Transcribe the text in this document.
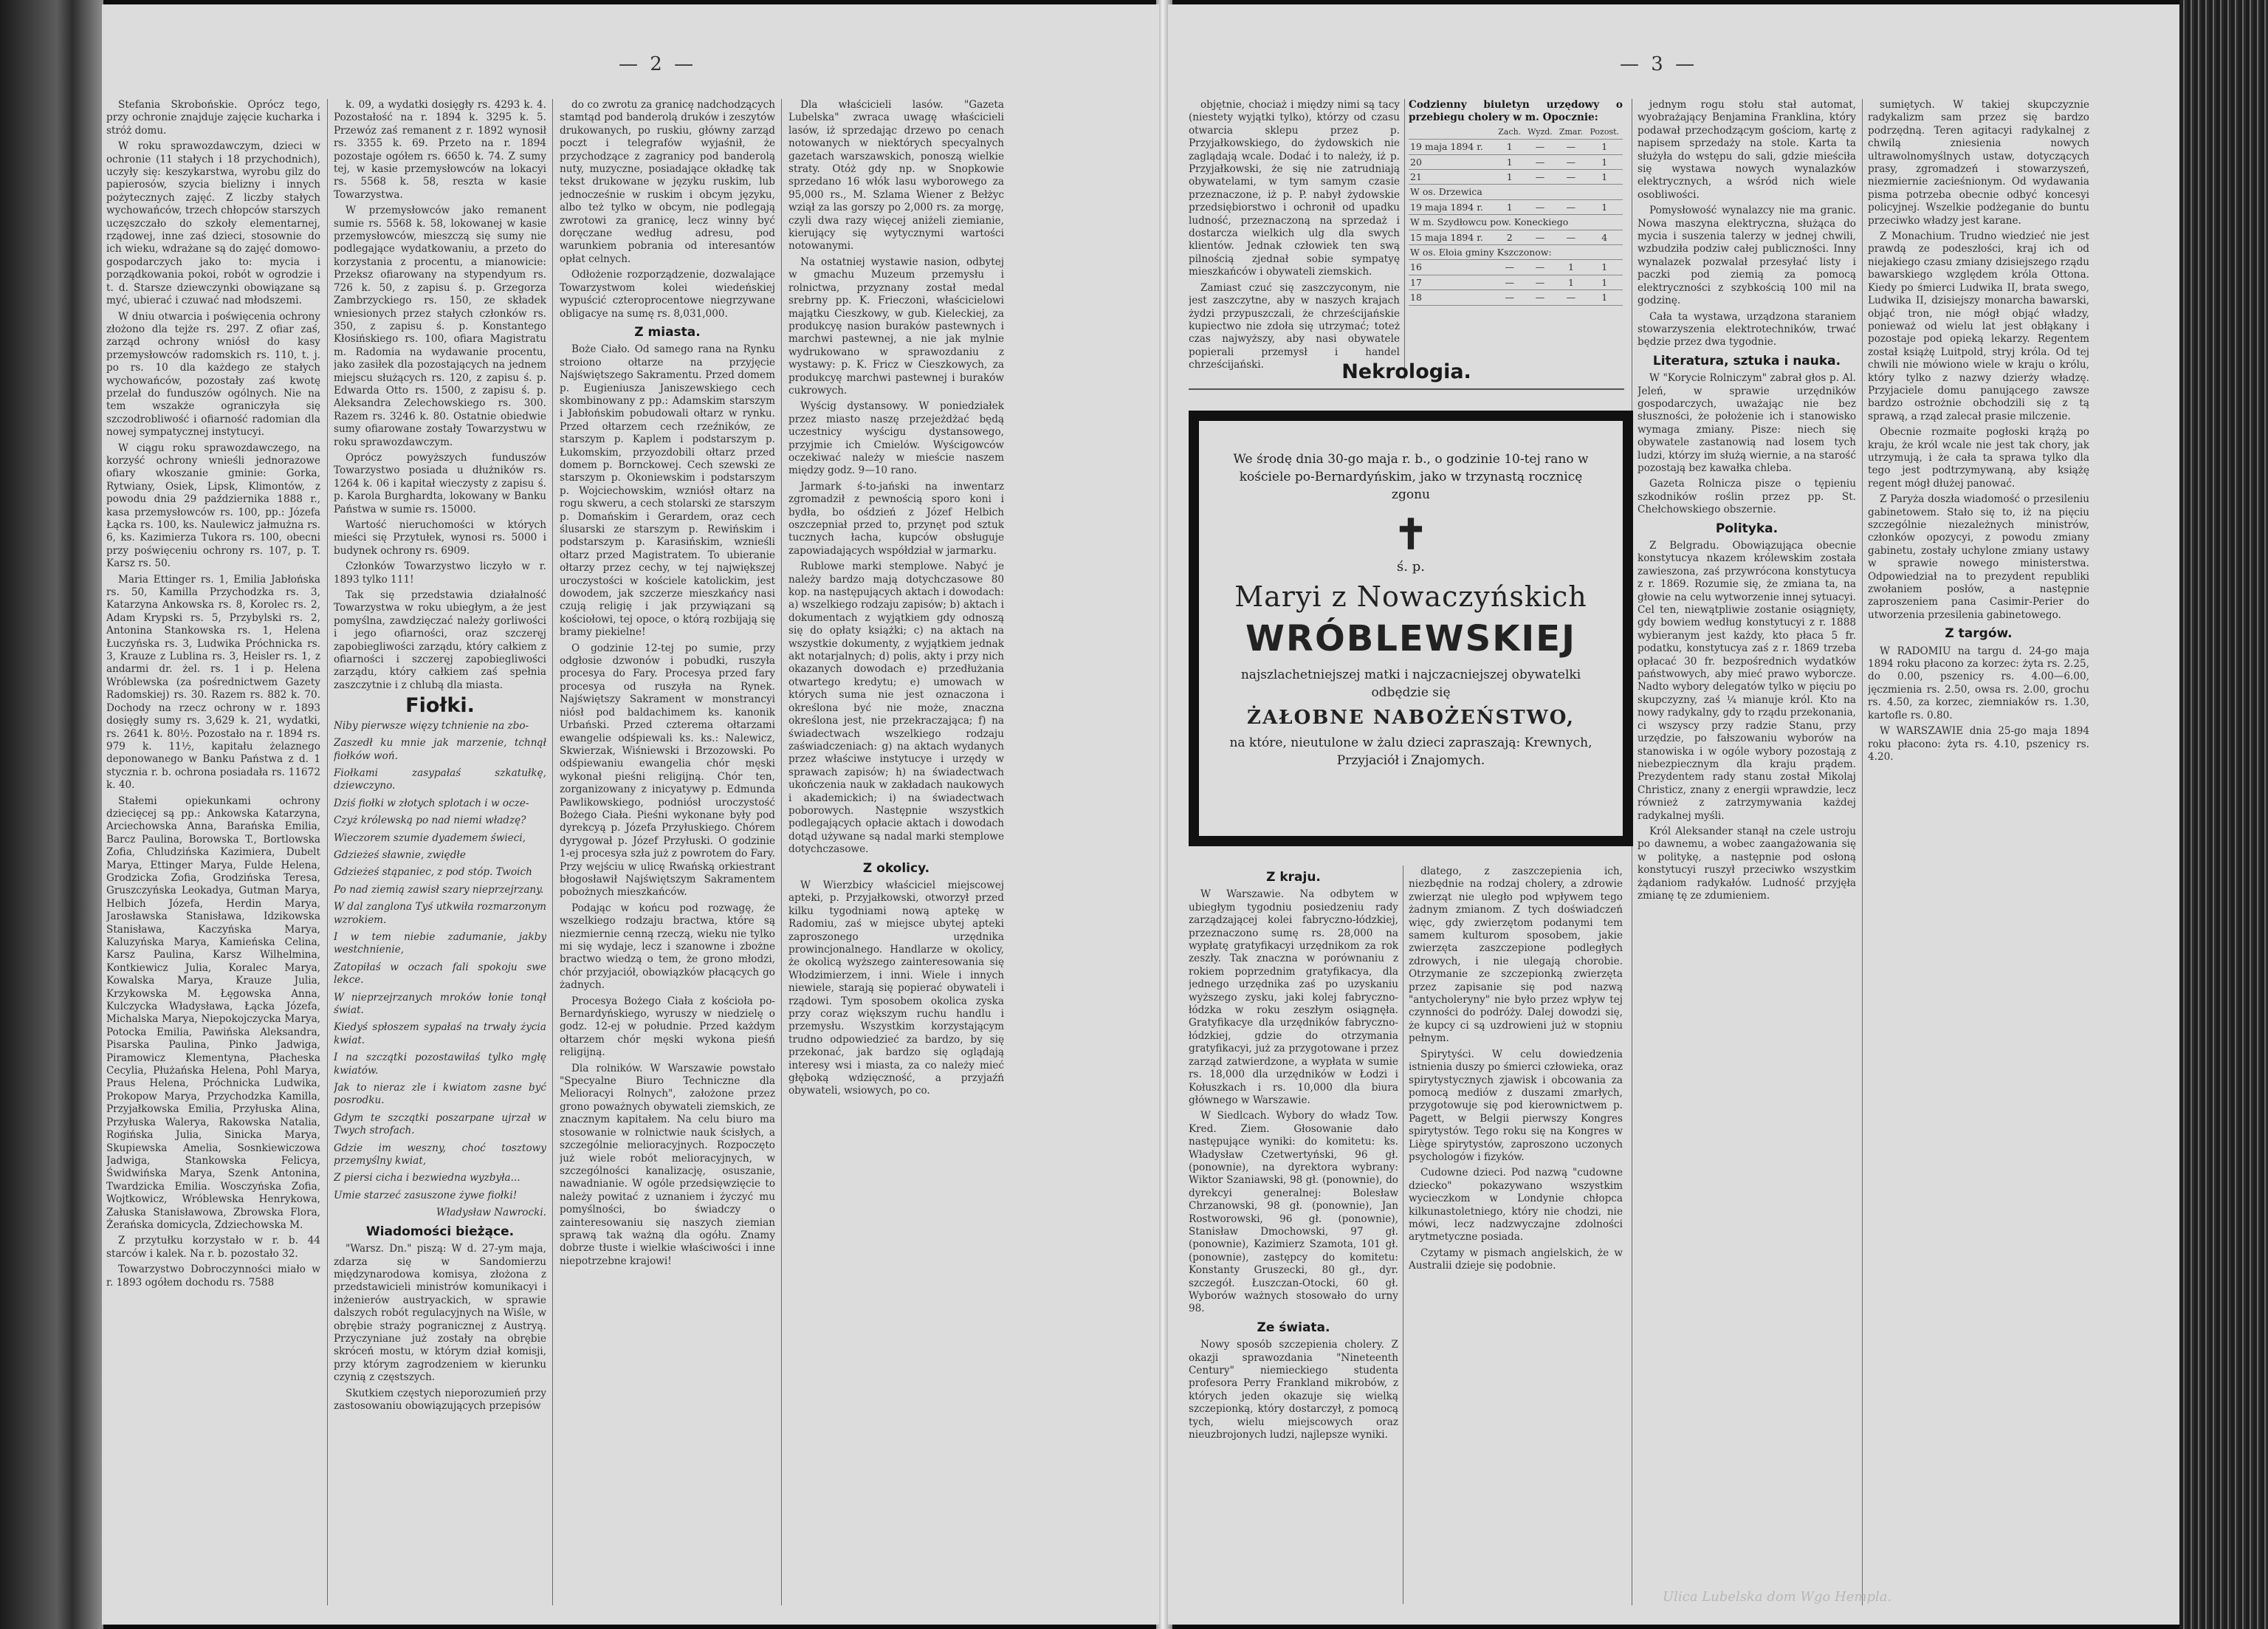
— 2 —

Stefania Skrobońskie. Oprócz tego, przy ochronie znajduje zajęcie kucharka i stróż domu.

W roku sprawozdawczym, dzieci w ochronie (11 stałych i 18 przychodnich), uczyły się: keszykarstwa, wyrobu gilz do papierosów, szycia bielizny i innych pożytecznych zajęć. Z liczby stałych wychowańców, trzech chłopców starszych uczęszczało do szkoły elementarnej, rządowej, inne zaś dzieci, stosownie do ich wieku, wdrażane są do zajęć domowo-gospodarczych jako to: mycia i porządkowania pokoi, robót w ogrodzie i t. d. Starsze dziewczynki obowiązane są myć, ubierać i czuwać nad młodszemi.

W dniu otwarcia i poświęcenia ochrony złożono dla tejże rs. 297. Z ofiar zaś, zarząd ochrony wniósł do kasy przemysłowców radomskich rs. 110, t. j. po rs. 10 dla każdego ze stałych wychowańców, pozostały zaś kwotę przelał do funduszów ogólnych. Nie na tem wszakże ograniczyła się szczodrobliwość i ofiarność radomian dla nowej sympatycznej instytucyi.

W ciągu roku sprawozdawczego, na korzyść ochrony wnieśli jednorazowe ofiary wkoszanie gminie: Gorka, Rytwiany, Osiek, Lipsk, Klimontów, z powodu dnia 29 października 1888 r., kasa przemysłowców rs. 100, pp.: Józefa Łącka rs. 100, ks. Naulewicz jałmużna rs. 6, ks. Kazimierza Tukora rs. 100, obecni przy poświęceniu ochrony rs. 107, p. T. Karsz rs. 50.

Maria Ettinger rs. 1, Emilia Jabłońska rs. 50, Kamilla Przychodzka rs. 3, Katarzyna Ankowska rs. 8, Korolec rs. 2, Adam Krypski rs. 5, Przybylski rs. 2, Antonina Stankowska rs. 1, Helena Łuczyńska rs. 3, Ludwika Próchnicka rs. 3, Krauze z Lublina rs. 3, Heisler rs. 1, z andarmi dr. żel. rs. 1 i p. Helena Wróblewska (za pośrednictwem Gazety Radomskiej) rs. 30. Razem rs. 882 k. 70. Dochody na rzecz ochrony w r. 1893 dosięgły sumy rs. 3,629 k. 21, wydatki, rs. 2641 k. 80½. Pozostało na r. 1894 rs. 979 k. 11½, kapitału żelaznego deponowanego w Banku Państwa z d. 1 stycznia r. b. ochrona posiadała rs. 11672 k. 40.

Stałemi opiekunkami ochrony dziecięcej są pp.: Ankowska Katarzyna, Arciechowska Anna, Barańska Emilia, Barcz Paulina, Borowska T., Bortlowska Zofia, Chludzińska Kazimiera, Dubelt Marya, Ettinger Marya, Fulde Helena, Grodzicka Zofia, Grodzińska Teresa, Gruszczyńska Leokadya, Gutman Marya, Helbich Józefa, Herdin Marya, Jarosławska Stanisława, Idzikowska Stanisława, Kaczyńska Marya, Kaluzyńska Marya, Kamieńska Celina, Karsz Paulina, Karsz Wilhelmina, Kontkiewicz Julia, Koralec Marya, Kowalska Marya, Krauze Julia, Krzykowska M. Łęgowska Anna, Kulczycka Władysława, Łącka Józefa, Michalska Marya, Niepokojczycka Marya, Potocka Emilia, Pawińska Aleksandra, Pisarska Paulina, Pinko Jadwiga, Piramowicz Klementyna, Płacheska Cecylia, Płużańska Helena, Pohl Marya, Praus Helena, Próchnicka Ludwika, Prokopow Marya, Przychodzka Kamilla, Przyjałkowska Emilia, Przyłuska Alina, Przyłuska Walerya, Rakowska Natalia, Rogińska Julia, Sinicka Marya, Skupiewska Amelia, Sosnkiewiczowa Jadwiga, Stankowska Felicya, Świdwińska Marya, Szenk Antonina, Twardzicka Emilia. Wosczyńska Zofia, Wojtkowicz, Wróblewska Henrykowa, Załuska Stanisławowa, Zbrowska Flora, Żerańska domicycla, Zdziechowska M.

Z przytułku korzystało w r. b. 44 starców i kalek. Na r. b. pozostało 32.

Towarzystwo Dobroczynności miało w r. 1893 ogółem dochodu rs. 7588

k. 09, a wydatki dosięgły rs. 4293 k. 4. Pozostałość na r. 1894 k. 3295 k. 5. Przewóz zaś remanent z r. 1892 wynosił rs. 3355 k. 69. Przeto na r. 1894 pozostaje ogółem rs. 6650 k. 74. Z sumy tej, w kasie przemysłowców na lokacyi rs. 5568 k. 58, reszta w kasie Towarzystwa.

W przemysłowców jako remanent sumie rs. 5568 k. 58, lokowanej w kasie przemysłowców, mieszczą się sumy nie podlegające wydatkowaniu, a przeto do korzystania z procentu, a mianowicie: Przeksz ofiarowany na stypendyum rs. 726 k. 50, z zapisu ś. p. Grzegorza Zambrzyckiego rs. 150, ze składek wniesionych przez stałych członków rs. 350, z zapisu ś. p. Konstantego Kłosińskiego rs. 100, ofiara Magistratu m. Radomia na wydawanie procentu, jako zasiłek dla pozostających na jednem miejscu służących rs. 120, z zapisu ś. p. Edwarda Otto rs. 1500, z zapisu ś. p. Aleksandra Zelechowskiego rs. 300. Razem rs. 3246 k. 80. Ostatnie obiedwie sumy ofiarowane zostały Towarzystwu w roku sprawozdawczym.

Oprócz powyższych funduszów Towarzystwo posiada u dłużników rs. 1264 k. 06 i kapitał wieczysty z zapisu ś. p. Karola Burghardta, lokowany w Banku Państwa w sumie rs. 15000.

Wartość nieruchomości w których mieści się Przytułek, wynosi rs. 5000 i budynek ochrony rs. 6909.

Członków Towarzystwo liczyło w r. 1893 tylko 111!

Tak się przedstawia działalność Towarzystwa w roku ubiegłym, a że jest pomyślna, zawdzięczać należy gorliwości i jego ofiarności, oraz szczeręj zapobiegliwości zarządu, który całkiem z ofiarności i szczeręj zapobiegliwości zarządu, który całkiem zaś spełnia zaszczytnie i z chlubą dla miasta.

Fiołki.
Niby pierwsze więzy tchnienie na zbo-
Zaszedł ku mnie jak marzenie, tchnął fiołków woń.
Fiołkami zasypałaś szkatułkę, dziewczyno.
Dziś fiołki w złotych splotach i w ocze-
Czyż królewską po nad niemi władzę?
Wieczorem szumie dyademem świeci,
Gdzieżeś sławnie, zwiędłe
Gdzieżeś stąpaniec, z pod stóp. Twoich
Po nad ziemią zawisł szary nieprzejrzany.
W dal zanglona Tyś utkwiła rozmarzonym wzrokiem.
I w tem niebie zadumanie, jakby westchnienie,
Zatopiłaś w oczach fali spokoju swe lekce.
W nieprzejrzanych mroków łonie tonął świat.
Kiedyś spłoszem sypałaś na trwały życia kwiat.
I na szczątki pozostawiłaś tylko mgłę kwiatów.
Jak to nieraz zle i kwiatom zasne być posrodku.
Gdym te szczątki poszarpane ujrzał w Twych strofach.
Gdzie im weszny, choć tosztowy przemyślny kwiat,
Z piersi cicha i bezwiedna wyzbyła...
Umie starzeć zasuszone żywe fiołki!
Władysław Nawrocki.
Wiadomości bieżące.

"Warsz. Dn." piszą: W d. 27-ym maja, zdarza się w Sandomierzu międzynarodowa komisya, złożona z przedstawicieli ministrów komunikacyi i inżenierów austryackich, w sprawie dalszych robót regulacyjnych na Wiśle, w obrębie straży pogranicznej z Austryą. Przyczyniane już zostały na obrębie skróceń mostu, w którym dział komisji, przy którym zagrodzeniem w kierunku czynią z częstszych.

Skutkiem częstych nieporozumień przy zastosowaniu obowiązujących przepisów

do co zwrotu za granicę nadchodzących stamtąd pod banderolą druków i zeszytów drukowanych, po ruskiu, główny zarząd poczt i telegrafów wyjaśnił, że przychodzące z zagranicy pod banderolą nuty, muzyczne, posiadające okładkę tak tekst drukowane w języku ruskim, lub jednocześnie w ruskim i obcym języku, albo też tylko w obcym, nie podlegają zwrotowi za granicę, lecz winny być doręczane według adresu, pod warunkiem pobrania od interesantów opłat celnych.

Odłożenie rozporządzenie, dozwalające Towarzystwom kolei wiedeńskiej wypuścić czteroprocentowe niegrzywane obligacye na sumę rs. 8,031,000.

Z miasta.

Boże Ciało. Od samego rana na Rynku stroiono ołtarze na przyjęcie Najświętszego Sakramentu. Przed domem p. Eugieniusza Janiszewskiego cech skombinowany z pp.: Adamskim starszym i Jabłońskim pobudowali ołtarz w rynku. Przed ołtarzem cech rzeźników, ze starszym p. Kaplem i podstarszym p. Łukomskim, przyozdobili ołtarz przed domem p. Bornckowej. Cech szewski ze starszym p. Okoniewskim i podstarszym p. Wojciechowskim, wzniósł ołtarz na rogu skweru, a cech stolarski ze starszym p. Domańskim i Gerardem, oraz cech ślusarski ze starszym p. Rewińskim i podstarszym p. Karasińskim, wznieśli ołtarz przed Magistratem. To ubieranie ołtarzy przez cechy, w tej największej uroczystości w kościele katolickim, jest dowodem, jak szczerze mieszkańcy nasi czują religię i jak przywiązani są kościołowi, tej opoce, o którą rozbijają się bramy piekielne!

O godzinie 12-tej po sumie, przy odgłosie dzwonów i pobudki, ruszyła procesya do Fary. Procesya przed fary procesya od ruszyła na Rynek. Najświętszy Sakrament w monstrancyi niósł pod baldachimem ks. kanonik Urbański. Przed czterema ołtarzami ewangelie odśpiewali ks. ks.: Nalewicz, Skwierzak, Wiśniewski i Brzozowski. Po odśpiewaniu ewangelia chór męski wykonał pieśni religijną. Chór ten, zorganizowany z inicyatywy p. Edmunda Pawlikowskiego, podniósł uroczystość Bożego Ciała. Pieśni wykonane były pod dyrekcyą p. Józefa Przyłuskiego. Chórem dyrygował p. Józef Przyłuski. O godzinie 1-ej procesya szła już z powrotem do Fary. Przy wejściu w ulicę Rwańską orkiestrant błogosławił Najświętszym Sakramentem pobożnych mieszkańców.

Podając w końcu pod rozwagę, że wszelkiego rodzaju bractwa, które są niezmiernie cenną rzeczą, wieku nie tylko mi się wydaje, lecz i szanowne i zbożne bractwo wiedzą o tem, że grono młodzi, chór przyjaciół, obowiązków płacących go żadnych.

Procesya Bożego Ciała z kościoła po-Bernardyńskiego, wyruszy w niedzielę o godz. 12-ej w południe. Przed każdym ołtarzem chór męski wykona pieśń religijną.

Dla rolników. W Warszawie powstało "Specyalne Biuro Techniczne dla Melioracyi Rolnych", założone przez grono poważnych obywateli ziemskich, ze znacznym kapitałem. Na celu biuro ma stosowanie w rolnictwie nauk ścisłych, a szczególnie melioracyjnych. Rozpoczęto już wiele robót melioracyjnych, w szczególności kanalizację, osuszanie, nawadnianie. W ogóle przedsięwzięcie to należy powitać z uznaniem i życzyć mu pomyślności, bo świadczy o zainteresowaniu się naszych ziemian sprawą tak ważną dla ogółu. Znamy dobrze tłuste i wielkie właściwości i inne niepotrzebne krajowi!

Dla właścicieli lasów. "Gazeta Lubelska" zwraca uwagę właścicieli lasów, iż sprzedając drzewo po cenach notowanych w niektórych specyalnych gazetach warszawskich, ponoszą wielkie straty. Otóż gdy np. w Snopkowie sprzedano 16 włók lasu wyborowego za 95,000 rs., M. Szlama Wiener z Bełżyc wziął za las gorszy po 2,000 rs. za morgę, czyli dwa razy więcej aniżeli ziemianie, kierujący się wytycznymi wartości notowanymi.

Na ostatniej wystawie nasion, odbytej w gmachu Muzeum przemysłu i rolnictwa, przyznany został medal srebrny pp. K. Frieczoni, właścicielowi majątku Cieszkowy, w gub. Kieleckiej, za produkcyę nasion buraków pastewnych i marchwi pastewnej, a nie jak mylnie wydrukowano w sprawozdaniu z wystawy: p. K. Fricz w Cieszkowych, za produkcyę marchwi pastewnej i buraków cukrowych.

Wyścig dystansowy. W poniedziałek przez miasto naszę przejeżdżać będą uczestnicy wyścigu dystansowego, przyjmie ich Cmielów. Wyścigowców oczekiwać należy w mieście naszem między godz. 9—10 rano.

Jarmark ś-to-jański na inwentarz zgromadził z pewnością sporo koni i bydła, bo ośdzień z Józef Helbich oszczepniał przed to, przynęt pod sztuk tucznych łacha, kupców obsługuje zapowiadających współdział w jarmarku.

Rublowe marki stemplowe. Nabyć je należy bardzo mają dotychczasowe 80 kop. na następujących aktach i dowodach: a) wszelkiego rodzaju zapisów; b) aktach i dokumentach z wyjątkiem gdy odnoszą się do opłaty książki; c) na aktach na wszystkie dokumenty, z wyjątkiem jednak akt notarjalnych; d) polis, akty i przy nich okazanych dowodach e) przedłużania otwartego kredytu; e) umowach w których suma nie jest oznaczona i określona być nie może, znaczna określona jest, nie przekraczająca; f) na świadectwach wszelkiego rodzaju zaświadczeniach: g) na aktach wydanych przez właściwe instytucye i urzędy w sprawach zapisów; h) na świadectwach ukończenia nauk w zakładach naukowych i akademickich; i) na świadectwach poborowych. Następnie wszystkich podlegających opłacie aktach i dowodach dotąd używane są nadal marki stemplowe dotychczasowe.

Z okolicy.

W Wierzbicy właściciel miejscowej apteki, p. Przyjałkowski, otworzył przed kilku tygodniami nową aptekę w Radomiu, zaś w miejsce ubytej apteki zaproszonego urzędnika prowincjonalnego. Handlarze w okolicy, że okolicą wyższego zainteresowania się Włodzimierzem, i inni. Wiele i innych niewiele, starają się popierać obywateli i rządowi. Tym sposobem okolica zyska przy coraz większym ruchu handlu i przemysłu. Wszystkim korzystającym trudno odpowiedzieć za bardzo, by się przekonać, jak bardzo się oglądają interesy wsi i miasta, za co należy mieć głęboką wdzięczność, a przyjaźń obywateli, wsiowych, po co.

— 3 —

objętnie, chociaż i między nimi są tacy (niestety wyjątki tylko), którzy od czasu otwarcia sklepu przez p. Przyjałkowskiego, do żydowskich nie zaglądają wcale. Dodać i to należy, iż p. Przyjałkowski, że się nie zatrudniają obywatelami, w tym samym czasie przeznaczone, iż p. P. nabył żydowskie przedsiębiorstwo i ochronił od upadku ludność, przeznaczoną na sprzedaż i dostarcza wielkich ulg dla swych klientów. Jednak człowiek ten swą pilnością zjednał sobie sympatyę mieszkańców i obywateli ziemskich.

Zamiast czuć się zaszczyconym, nie jest zaszczytne, aby w naszych krajach żydzi przypuszczali, że chrześcijańskie kupiectwo nie zdoła się utrzymać; toteż czas najwyższy, aby nasi obywatele popierali przemysł i handel chrześcijański.

Codzienny biuletyn urzędowy o przebiegu cholery w m. Opocznie:
	Zach.	Wyzd.	Zmar.	Pozost.
19 maja 1894 r.	1	—	—	1
20	1	—	—	1
21	1	—	—	1
W os. Drzewica				
19 maja 1894 r.	1	—	—	1
W m. Szydłowcu pow. Koneckiego				
15 maja 1894 r.	2	—	—	4
W os. Ełoia gminy Kszczonow:				
16	—	—	1	1
17	—	—	1	1
18	—	—	—	1
Nekrologia.
Z kraju.

W Warszawie. Na odbytem w ubiegłym tygodniu posiedzeniu rady zarządzającej kolei fabryczno-łódzkiej, przeznaczono sumę rs. 28,000 na wypłatę gratyfikacyi urzędnikom za rok zeszły. Tak znaczna w porównaniu z rokiem poprzednim gratyfikacya, dla jednego urzędnika zaś po uzyskaniu wyższego zysku, jaki kolej fabryczno-łódzka w roku zeszłym osiągnęła. Gratyfikacye dla urzędników fabryczno-łódzkiej, gdzie do otrzymania gratyfikacyi, już za przygotowane i przez zarząd zatwierdzone, a wypłata w sumie rs. 18,000 dla urzędników w Łodzi i Kołuszkach i rs. 10,000 dla biura głównego w Warszawie.

W Siedlcach. Wybory do władz Tow. Kred. Ziem. Głosowanie dało następujące wyniki: do komitetu: ks. Władysław Czetwertyński, 96 gł. (ponownie), na dyrektora wybrany: Wiktor Szaniawski, 98 gł. (ponownie), do dyrekcyi generalnej: Bolesław Chrzanowski, 98 gł. (ponownie), Jan Rostworowski, 96 gł. (ponownie), Stanisław Dmochowski, 97 gł. (ponownie), Kazimierz Szamota, 101 gł. (ponownie), zastępcy do komitetu: Konstanty Gruszecki, 80 gł., dyr. szczegół. Łuszczan-Otocki, 60 gł. Wyborów ważnych stosowało do urny 98.

Ze świata.

Nowy sposób szczepienia cholery. Z okazji sprawozdania "Nineteenth Century" niemieckiego studenta profesora Perry Frankland mikrobów, z których jeden okazuje się wielką szczepionką, który dostarczył, z pomocą tych, wielu miejscowych oraz nieuzbrojonych ludzi, najlepsze wyniki.

dlatego, z zaszczepienia ich, niezbędnie na rodzaj cholery, a zdrowie zwierząt nie uległo pod wpływem tego żadnym zmianom. Z tych doświadczeń więc, gdy zwierzętom podanymi tem samem kulturom sposobem, jakie zwierzęta zaszczepione podległych zdrowych, i nie ulegają chorobie. Otrzymanie ze szczepionką zwierzęta przez zapisanie się pod nazwą "antycholeryny" nie było przez wpływ tej czynności do podróży. Dalej dowodzi się, że kupcy ci są uzdrowieni już w stopniu pełnym.

Spirytyści. W celu dowiedzenia istnienia duszy po śmierci człowieka, oraz spirytystycznych zjawisk i obcowania za pomocą mediów z duszami zmarłych, przygotowuje się pod kierownictwem p. Pagett, w Belgii pierwszy Kongres spirytystów. Tego roku się na Kongres w Liège spirytystów, zaproszono uczonych psychologów i fizyków.

Cudowne dzieci. Pod nazwą "cudowne dziecko" pokazywano wszystkim wycieczkom w Londynie chłopca kilkunastoletniego, który nie chodzi, nie mówi, lecz nadzwyczajne zdolności arytmetyczne posiada.

Czytamy w pismach angielskich, że w Australii dzieje się podobnie.

jednym rogu stołu stał automat, wyobrażający Benjamina Franklina, który podawał przechodzącym gościom, kartę z napisem sprzedaży na stole. Karta ta służyła do wstępu do sali, gdzie mieściła się wystawa nowych wynalazków elektrycznych, a wśród nich wiele osobliwości.

Pomysłowość wynalazcy nie ma granic. Nowa maszyna elektryczna, służąca do mycia i suszenia talerzy w jednej chwili, wzbudziła podziw całej publiczności. Inny wynalazek pozwalał przesyłać listy i paczki pod ziemią za pomocą elektryczności z szybkością 100 mil na godzinę.

Cała ta wystawa, urządzona staraniem stowarzyszenia elektrotechników, trwać będzie przez dwa tygodnie.

Literatura, sztuka i nauka.

W "Korycie Rolniczym" zabrał głos p. Al. Jeleń, w sprawie urzędników gospodarczych, uważając nie bez słuszności, że położenie ich i stanowisko wymaga zmiany. Pisze: niech się obywatele zastanowią nad losem tych ludzi, którzy im służą wiernie, a na starość pozostają bez kawałka chleba.

Gazeta Rolnicza pisze o tępieniu szkodników roślin przez pp. St. Chełchowskiego obszernie.

Polityka.

Z Belgradu. Obowiązująca obecnie konstytucya nkazem królewskim została zawieszona, zaś przywrócona konstytucya z r. 1869. Rozumie się, że zmiana ta, na głowie na celu wytworzenie innej sytuacyi. Cel ten, niewątpliwie zostanie osiągnięty, gdy bowiem według konstytucyi z r. 1888 wybieranym jest każdy, kto płaca 5 fr. podatku, konstytucya zaś z r. 1869 trzeba opłacać 30 fr. bezpośrednich wydatków państwowych, aby mieć prawo wyborcze. Nadto wybory delegatów tylko w pięciu po skupczyzny, zaś ¼ mianuje król. Kto na nowy radykalny, gdy to rządu przekonania, ci wszyscy przy radzie Stanu, przy urzędzie, po fałszowaniu wyborów na stanowiska i w ogóle wybory pozostają z niebezpiecznym dla kraju prądem. Prezydentem rady stanu został Mikolaj Christicz, znany z energii wprawdzie, lecz również z zatrzymywania każdej radykalnej myśli.

Król Aleksander stanął na czele ustroju po dawnemu, a wobec zaangażowania się w politykę, a następnie pod osłoną konstytucyi ruszył przeciwko wszystkim żądaniom radykałów. Ludność przyjęła zmianę tę ze zdumieniem.

sumiętych. W takiej skupczyznie radykalizm sam przez się bardzo podrzędną. Teren agitacyi radykalnej z chwilą zniesienia nowych ultrawolnomyślnych ustaw, dotyczących prasy, zgromadzeń i stowarzyszeń, niezmiernie zacieśnionym. Od wydawania pisma potrzeba obecnie odbyć koncesyi policyjnej. Wszelkie podżeganie do buntu przeciwko władzy jest karane.

Z Monachium. Trudno wiedzieć nie jest prawdą ze podeszłości, kraj ich od niejakiego czasu zmiany dzisiejszego rządu bawarskiego względem króla Ottona. Kiedy po śmierci Ludwika II, brata swego, Ludwika II, dzisiejszy monarcha bawarski, objąć tron, nie mógł objąć władzy, ponieważ od wielu lat jest obłąkany i pozostaje pod opieką lekarzy. Regentem został książę Luitpold, stryj króla. Od tej chwili nie mówiono wiele w kraju o królu, który tylko z nazwy dzierży władzę. Przyjaciele domu panującego zawsze bardzo ostrożnie obchodzili się z tą sprawą, a rząd zalecał prasie milczenie.

Obecnie rozmaite pogłoski krążą po kraju, że król wcale nie jest tak chory, jak utrzymują, i że cała ta sprawa tylko dla tego jest podtrzymywaną, aby książę regent mógł dłużej panować.

Z Paryża doszła wiadomość o przesileniu gabinetowem. Stało się to, iż na pięciu szczególnie niezależnych ministrów, członków opozycyi, z powodu zmiany gabinetu, zostały uchylone zmiany ustawy w sprawie nowego ministerstwa. Odpowiedział na to prezydent republiki zwołaniem posłów, a następnie zaproszeniem pana Casimir-Perier do utworzenia przesilenia gabinetowego.

Z targów.

W RADOMIU na targu d. 24-go maja 1894 roku płacono za korzec: żyta rs. 2.25, do 0.00, pszenicy rs. 4.00—6.00, jęczmienia rs. 2.50, owsa rs. 2.00, grochu rs. 4.50, za korzec, ziemniaków rs. 1.30, kartofle rs. 0.80.

W WARSZAWIE dnia 25-go maja 1894 roku płacono: żyta rs. 4.10, pszenicy rs. 4.20.

Ulica Lubelska dom Wgo Hempla.
We środę dnia 30-go maja r. b., o godzinie 10-tej rano w kościele po-Bernardyńskim, jako w trzynastą rocznicę zgonu
✝
ś. p.
Maryi z Nowaczyńskich
WRÓBLEWSKIEJ
najszlachetniejszej matki i najczacniejszej obywatelki odbędzie się
ŻAŁOBNE NABOŻEŃSTWO,
na które, nieutulone w żalu dzieci zapraszają: Krewnych, Przyjaciół i Znajomych.
